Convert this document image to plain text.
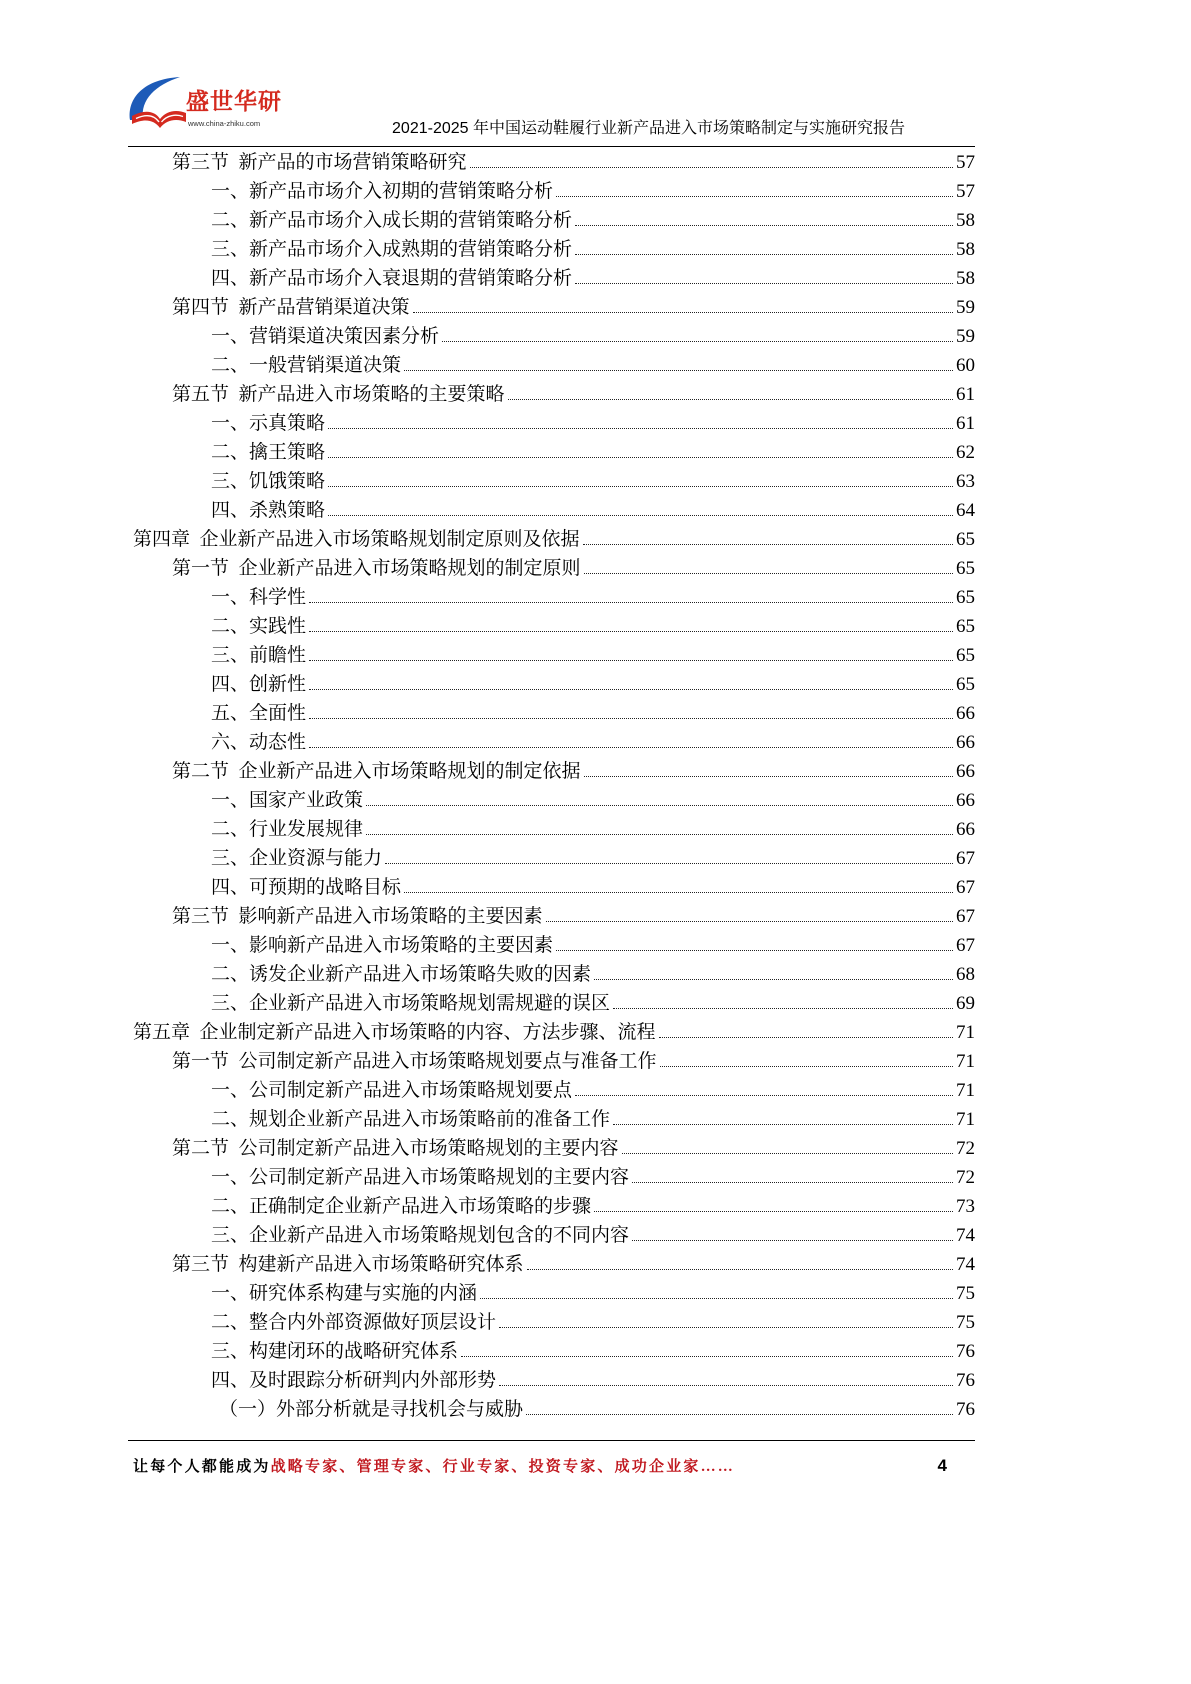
盛世华研
www.china-zhiku.com	2021-2025 年中国运动鞋履行业新产品进入市场策略制定与实施研究报告
第三节  新产品的市场营销策略研究	57
一、新产品市场介入初期的营销策略分析	57
二、新产品市场介入成长期的营销策略分析	58
三、新产品市场介入成熟期的营销策略分析	58
四、新产品市场介入衰退期的营销策略分析	58
第四节  新产品营销渠道决策	59
一、营销渠道决策因素分析	59
二、一般营销渠道决策	60
第五节  新产品进入市场策略的主要策略	61
一、示真策略	61
二、擒王策略	62
三、饥饿策略	63
四、杀熟策略	64
第四章  企业新产品进入市场策略规划制定原则及依据	65
第一节  企业新产品进入市场策略规划的制定原则	65
一、科学性	65
二、实践性	65
三、前瞻性	65
四、创新性	65
五、全面性	66
六、动态性	66
第二节  企业新产品进入市场策略规划的制定依据	66
一、国家产业政策	66
二、行业发展规律	66
三、企业资源与能力	67
四、可预期的战略目标	67
第三节  影响新产品进入市场策略的主要因素	67
一、影响新产品进入市场策略的主要因素	67
二、诱发企业新产品进入市场策略失败的因素	68
三、企业新产品进入市场策略规划需规避的误区	69
第五章  企业制定新产品进入市场策略的内容、方法步骤、流程	71
第一节  公司制定新产品进入市场策略规划要点与准备工作	71
一、公司制定新产品进入市场策略规划要点	71
二、规划企业新产品进入市场策略前的准备工作	71
第二节  公司制定新产品进入市场策略规划的主要内容	72
一、公司制定新产品进入市场策略规划的主要内容	72
二、正确制定企业新产品进入市场策略的步骤	73
三、企业新产品进入市场策略规划包含的不同内容	74
第三节  构建新产品进入市场策略研究体系	74
一、研究体系构建与实施的内涵	75
二、整合内外部资源做好顶层设计	75
三、构建闭环的战略研究体系	76
四、及时跟踪分析研判内外部形势	76
（一）外部分析就是寻找机会与威胁	76
让每个人都能成为战略专家、管理专家、行业专家、投资专家、成功企业家……	4
